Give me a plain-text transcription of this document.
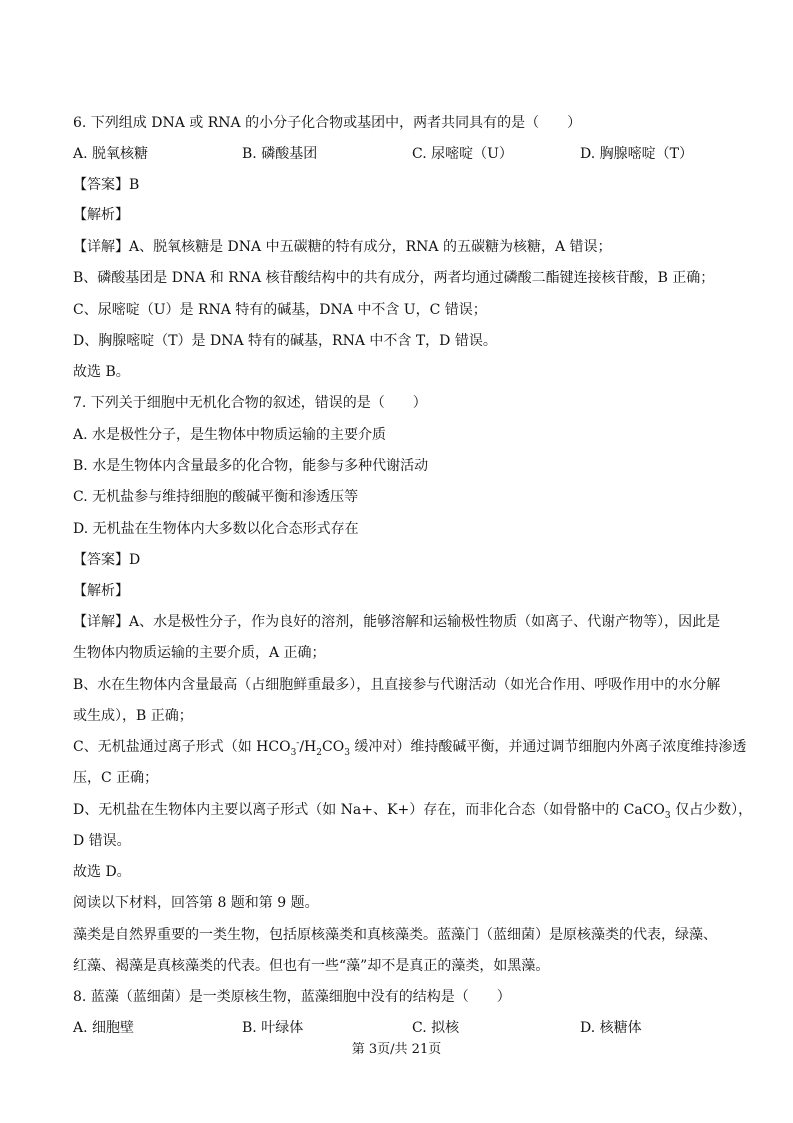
6. 下列组成 DNA 或 RNA 的小分子化合物或基团中，两者共同具有的是（　　）
A. 脱氧核糖	B. 磷酸基团	C. 尿嘧啶（U）	D. 胸腺嘧啶（T）
【答案】B
【解析】
【详解】A、脱氧核糖是 DNA 中五碳糖的特有成分，RNA 的五碳糖为核糖，A 错误；
B、磷酸基团是 DNA 和 RNA 核苷酸结构中的共有成分，两者均通过磷酸二酯键连接核苷酸，B 正确；
C、尿嘧啶（U）是 RNA 特有的碱基，DNA 中不含 U，C 错误；
D、胸腺嘧啶（T）是 DNA 特有的碱基，RNA 中不含 T，D 错误。
故选 B。
7. 下列关于细胞中无机化合物的叙述，错误的是（　　）
A. 水是极性分子，是生物体中物质运输的主要介质
B. 水是生物体内含量最多的化合物，能参与多种代谢活动
C. 无机盐参与维持细胞的酸碱平衡和渗透压等
D. 无机盐在生物体内大多数以化合态形式存在
【答案】D
【解析】
【详解】A、水是极性分子，作为良好的溶剂，能够溶解和运输极性物质（如离子、代谢产物等），因此是
生物体内物质运输的主要介质，A 正确；
B、水在生物体内含量最高（占细胞鲜重最多），且直接参与代谢活动（如光合作用、呼吸作用中的水分解
或生成），B 正确；
C、无机盐通过离子形式（如 $HCO_3^-/H_2CO_3$ 缓冲对）维持酸碱平衡，并通过调节细胞内外离子浓度维持渗透
压，C 正确；
D、无机盐在生物体内主要以离子形式（如 Na+、K+）存在，而非化合态（如骨骼中的 CaCO$_3$ 仅占少数），
D 错误。
故选 D。
阅读以下材料，回答第 8 题和第 9 题。
藻类是自然界重要的一类生物，包括原核藻类和真核藻类。蓝藻门（蓝细菌）是原核藻类的代表，绿藻、
红藻、褐藻是真核藻类的代表。但也有一些“藻”却不是真正的藻类，如黑藻。
8. 蓝藻（蓝细菌）是一类原核生物，蓝藻细胞中没有的结构是（　　）
A. 细胞壁	B. 叶绿体	C. 拟核	D. 核糖体
第 3页/共 21页
